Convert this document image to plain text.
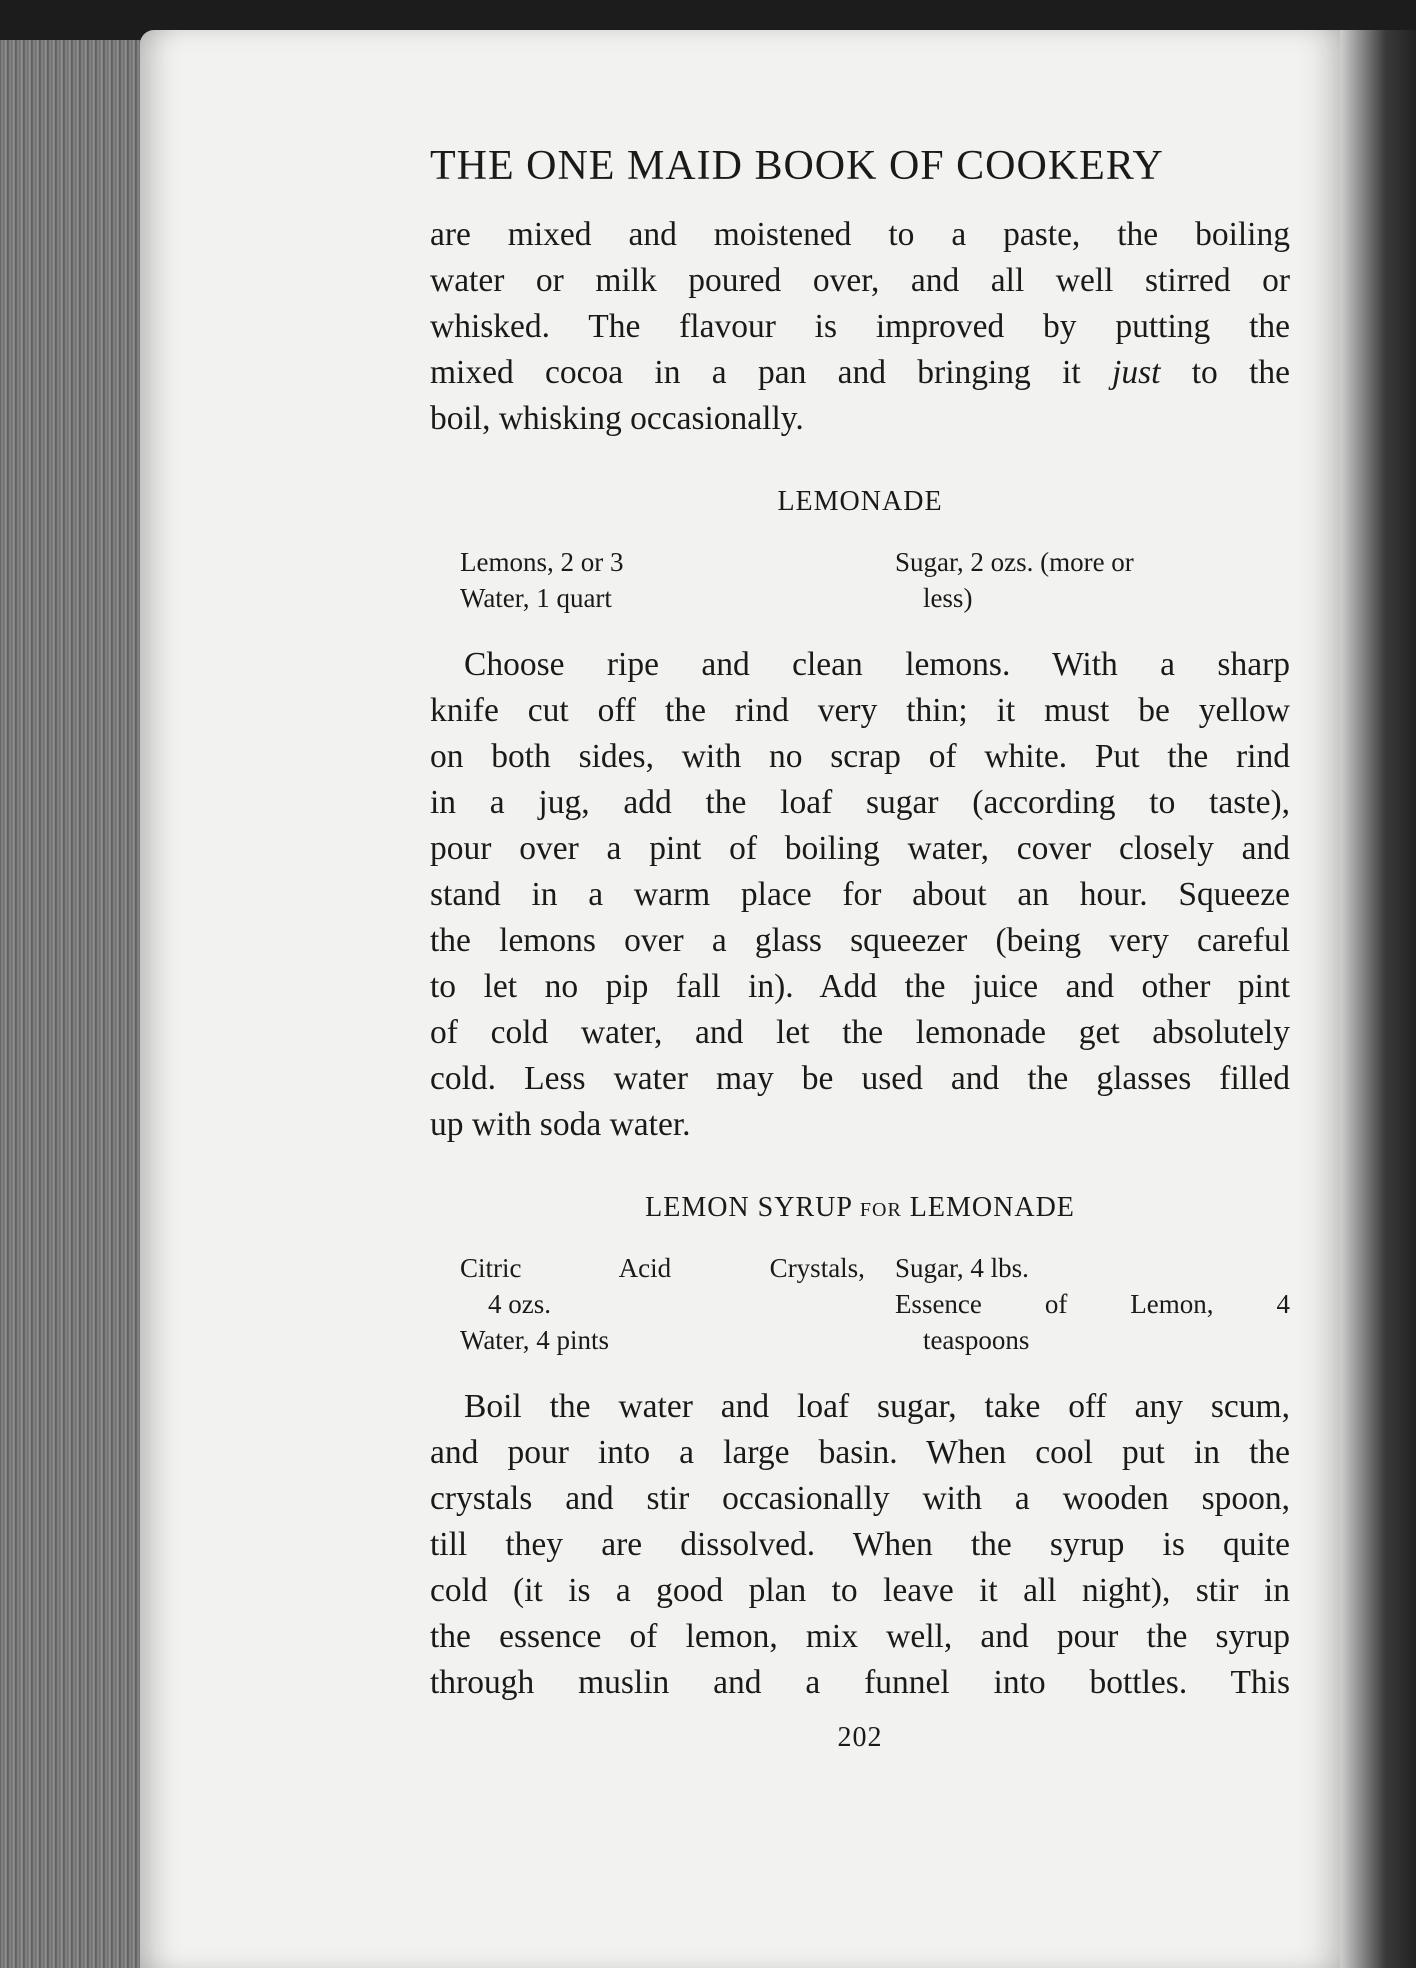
THE ONE MAID BOOK OF COOKERY

are mixed and moistened to a paste, the boiling
water or milk poured over, and all well stirred or
whisked. The flavour is improved by putting the
mixed cocoa in a pan and bringing it just to the
boil, whisking occasionally.

LEMONADE

Lemons, 2 or 3

Water, 1 quart

Sugar, 2 ozs. (more or
less)

Choose ripe and clean lemons. With a sharp
knife cut off the rind very thin; it must be yellow
on both sides, with no scrap of white. Put the rind
in a jug, add the loaf sugar (according to taste),
pour over a pint of boiling water, cover closely and
stand in a warm place for about an hour. Squeeze
the lemons over a glass squeezer (being very careful
to let no pip fall in). Add the juice and other pint
of cold water, and let the lemonade get absolutely
cold. Less water may be used and the glasses filled
up with soda water.

LEMON SYRUP FOR LEMONADE

Citric Acid Crystals,
4 ozs.

Water, 4 pints

Sugar, 4 lbs.

Essence of Lemon, 4
teaspoons

Boil the water and loaf sugar, take off any scum,
and pour into a large basin. When cool put in the
crystals and stir occasionally with a wooden spoon,
till they are dissolved. When the syrup is quite
cold (it is a good plan to leave it all night), stir in
the essence of lemon, mix well, and pour the syrup
through muslin and a funnel into bottles. This

202
